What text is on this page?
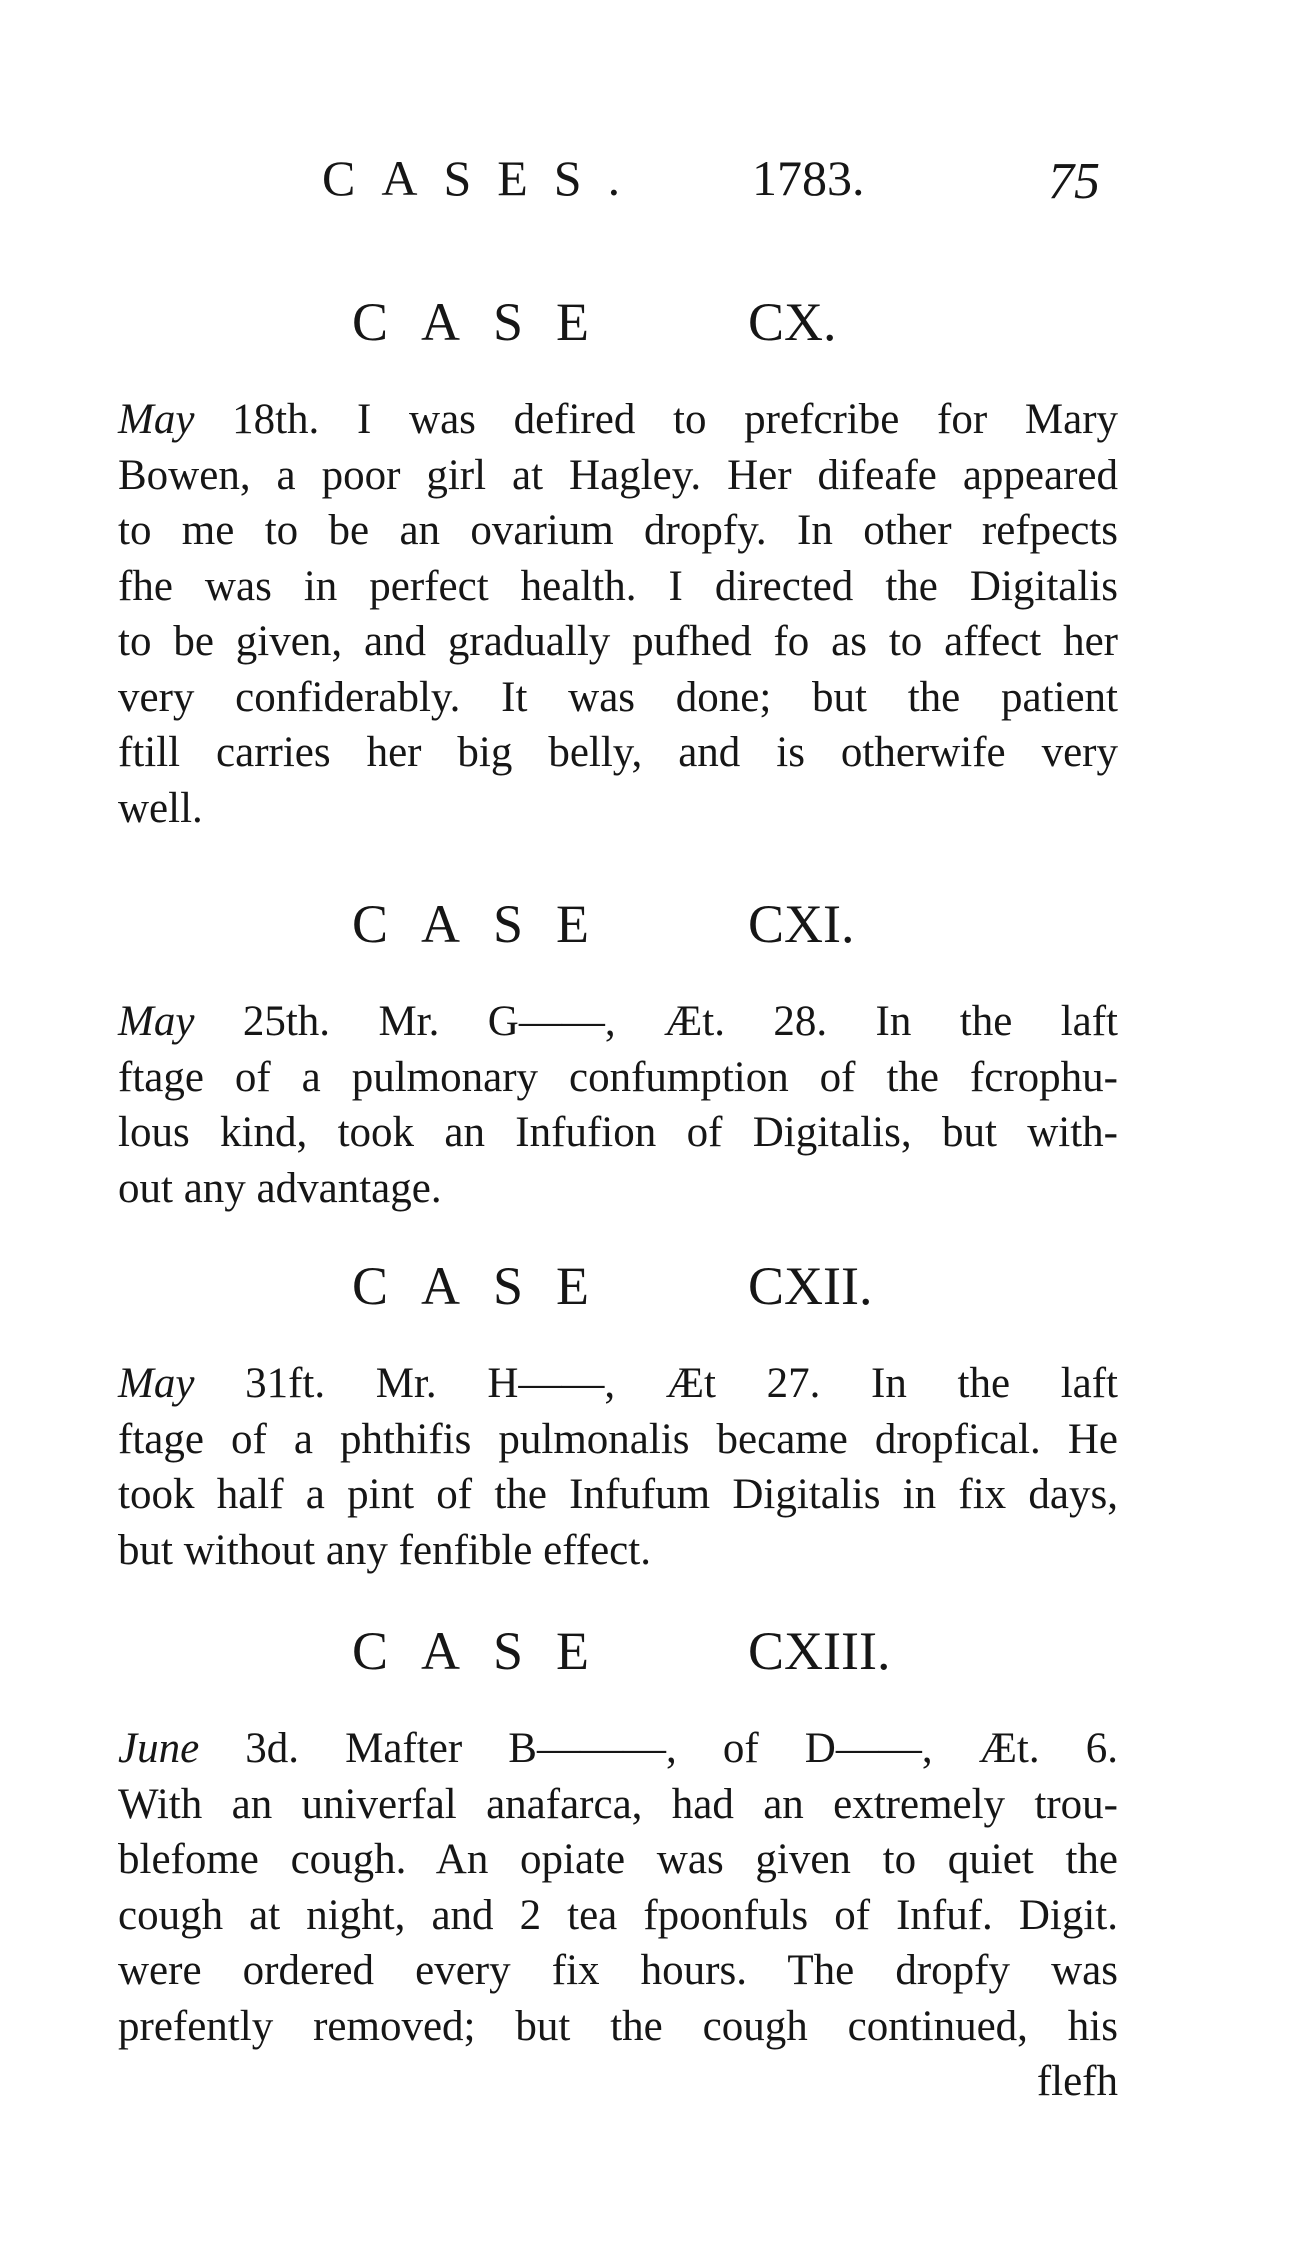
CASES. 1783.	75
CASE CX.

May 18th. I was defired to prefcribe for Mary
Bowen, a poor girl at Hagley. Her difeafe appeared
to me to be an ovarium dropfy. In other refpects
fhe was in perfect health. I directed the Digitalis
to be given, and gradually pufhed fo as to affect her
very confiderably. It was done; but the patient
ftill carries her big belly, and is otherwife very
well.

CASE CXI.

May 25th. Mr. G——, Æt. 28. In the laft
ftage of a pulmonary confumption of the fcrophu-
lous kind, took an Infufion of Digitalis, but with-
out any advantage.

CASE CXII.

May 31ft. Mr. H——, Æt 27. In the laft
ftage of a phthifis pulmonalis became dropfical. He
took half a pint of the Infufum Digitalis in fix days,
but without any fenfible effect.

CASE CXIII.

June 3d. Mafter B———, of D——, Æt. 6.
With an univerfal anafarca, had an extremely trou-
blefome cough. An opiate was given to quiet the
cough at night, and 2 tea fpoonfuls of Infuf. Digit.
were ordered every fix hours. The dropfy was
prefently removed; but the cough continued, his
flefh
